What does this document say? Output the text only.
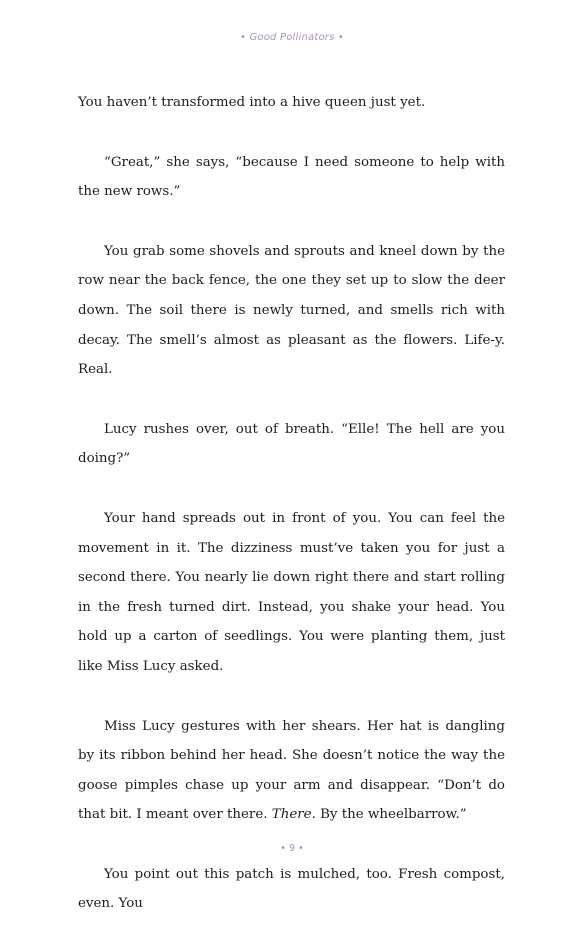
• Good Pollinators •

You haven’t transformed into a hive queen just yet.

“Great,” she says, “because I need someone to help with the new rows.”

You grab some shovels and sprouts and kneel down by the row near the back fence, the one they set up to slow the deer down. The soil there is newly turned, and smells rich with decay. The smell’s almost as pleasant as the flowers. Life-y. Real.

Lucy rushes over, out of breath. “Elle! The hell are you doing?”

Your hand spreads out in front of you. You can feel the movement in it. The dizziness must’ve taken you for just a second there. You nearly lie down right there and start rolling in the fresh turned dirt. Instead, you shake your head. You hold up a carton of seedlings. You were planting them, just like Miss Lucy asked.

Miss Lucy gestures with her shears. Her hat is dangling by its ribbon behind her head. She doesn’t notice the way the goose pimples chase up your arm and disappear. “Don’t do that bit. I meant over there. There. By the wheelbarrow.”

You point out this patch is mulched, too. Fresh compost, even. You

• 9 •
